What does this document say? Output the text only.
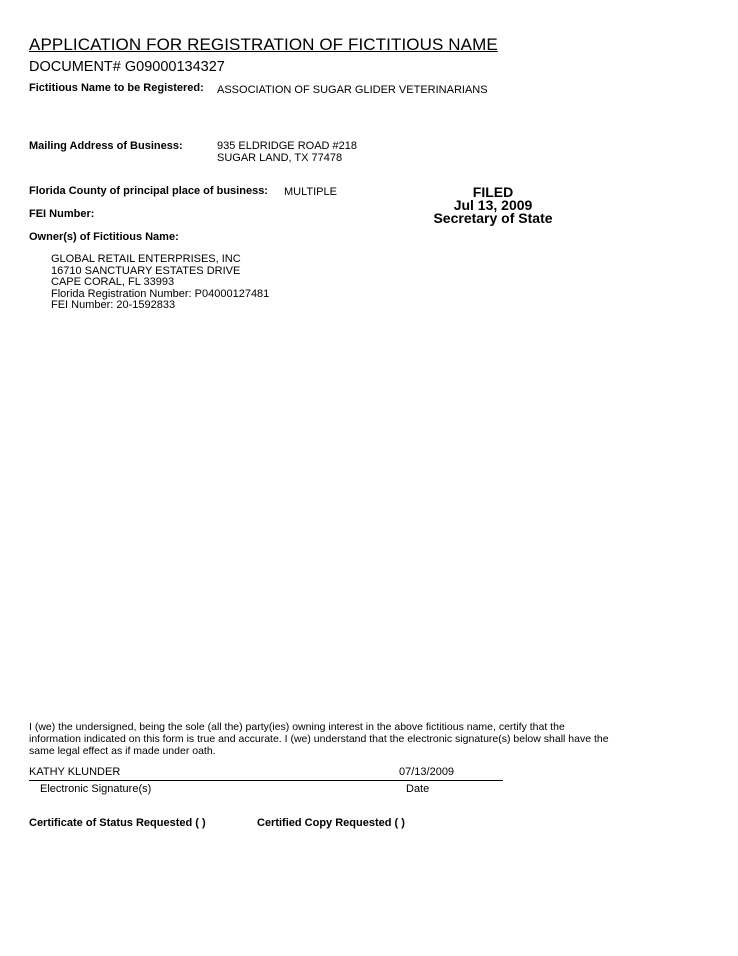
APPLICATION FOR REGISTRATION OF FICTITIOUS NAME
DOCUMENT# G09000134327
Fictitious Name to be Registered: ASSOCIATION OF SUGAR GLIDER VETERINARIANS
Mailing Address of Business:	935 ELDRIDGE ROAD #218
SUGAR LAND, TX 77478
Florida County of principal place of business: MULTIPLE
FEI Number:
Owner(s) of Fictitious Name:
FILED
Jul 13, 2009
Secretary of State
GLOBAL RETAIL ENTERPRISES, INC
16710 SANCTUARY ESTATES DRIVE
CAPE CORAL, FL 33993
Florida Registration Number: P04000127481
FEI Number: 20-1592833
I (we) the undersigned, being the sole (all the) party(ies) owning interest in the above fictitious name, certify that the information indicated on this form is true and accurate. I (we) understand that the electronic signature(s) below shall have the same legal effect as if made under oath.
KATHY KLUNDER	07/13/2009
Electronic Signature(s)	Date
Certificate of Status Requested ( )	Certified Copy Requested ( )
